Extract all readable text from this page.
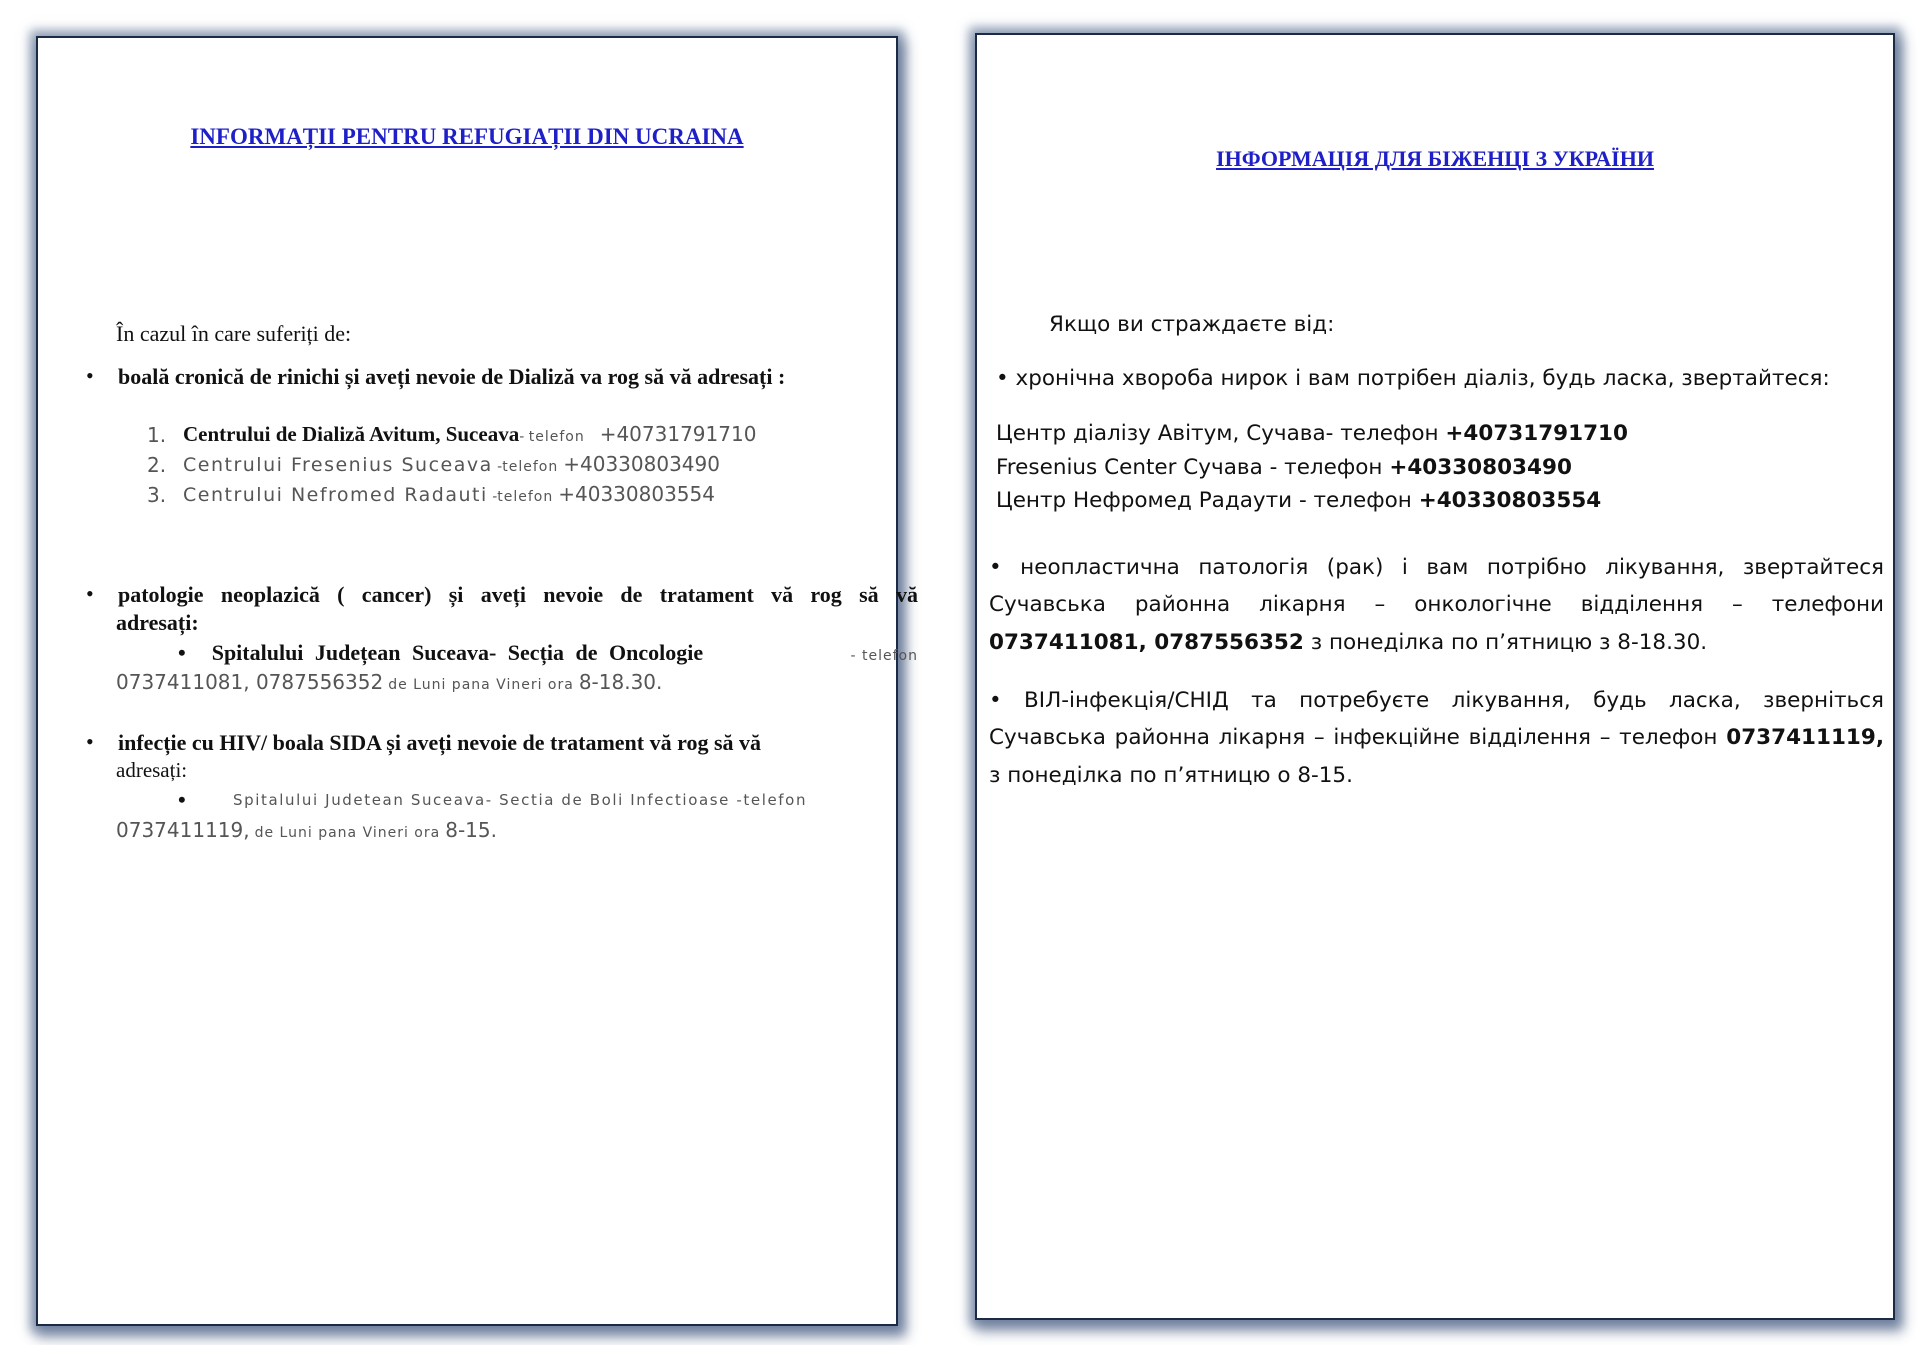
INFORMAȚII PENTRU REFUGIAȚII DIN UCRAINA
În cazul în care suferiți de:
• boală cronică de rinichi și aveți nevoie de Dializă va rog să vă adresați :
1. Centrului de Dializă Avitum, Suceava- telefon +40731791710
2. Centrului Fresenius Suceava -telefon +40330803490
3. Centrului Nefromed Radauti -telefon +40330803554
• patologie neoplazică ( cancer) și aveți nevoie de tratament vă rog să vă
adresați:
• Spitalului Județean Suceava- Secția de Oncologie	- telefon
0737411081, 0787556352 de Luni pana Vineri ora 8-18.30.
• infecție cu HIV/ boala SIDA și aveți nevoie de tratament vă rog să vă
adresați:
•	Spitalului Judetean Suceava- Sectia de Boli Infectioase -telefon
0737411119, de Luni pana Vineri ora 8-15.
ІНФОРМАЦІЯ ДЛЯ БІЖЕНЦІ З УКРАЇНИ
Якщо ви страждаєте від:
• хронічна хвороба нирок і вам потрібен діаліз, будь ласка, звертайтеся:
Центр діалізу Авітум, Сучава- телефон +40731791710
Fresenius Center Сучава - телефон +40330803490
Центр Нефромед Радаути - телефон +40330803554
• неопластична патологія (рак) і вам потрібно лікування, звертайтеся
Сучавська районна лікарня – онкологічне відділення – телефони
0737411081, 0787556352 з понеділка по п’ятницю з 8-18.30.
• ВІЛ-інфекція/СНІД та потребуєте лікування, будь ласка, зверніться
Сучавська районна лікарня – інфекційне відділення – телефон 0737411119,
з понеділка по п’ятницю о 8-15.
